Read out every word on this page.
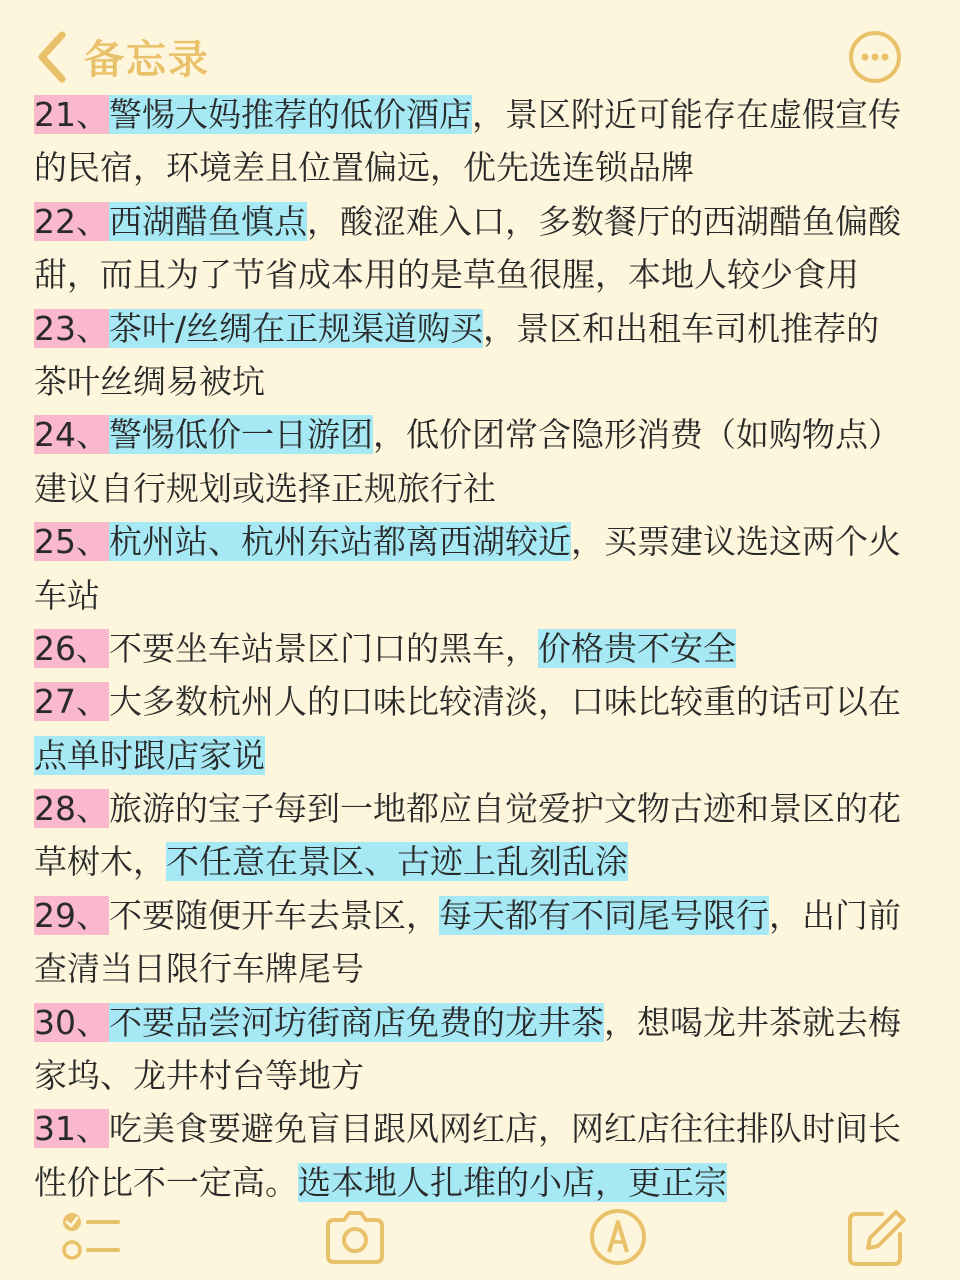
备忘录
21、警惕大妈推荐的低价酒店，景区附近可能存在虚假宣传
的民宿，环境差且位置偏远，优先选连锁品牌
22、西湖醋鱼慎点，酸涩难入口，多数餐厅的西湖醋鱼偏酸
甜，而且为了节省成本用的是草鱼很腥，本地人较少食用
23、茶叶/丝绸在正规渠道购买，景区和出租车司机推荐的
茶叶丝绸易被坑
24、警惕低价一日游团，低价团常含隐形消费（如购物点）
建议自行规划或选择正规旅行社
25、杭州站、杭州东站都离西湖较近，买票建议选这两个火
车站
26、不要坐车站景区门口的黑车，价格贵不安全
27、大多数杭州人的口味比较清淡，口味比较重的话可以在
点单时跟店家说
28、旅游的宝子每到一地都应自觉爱护文物古迹和景区的花
草树木，不任意在景区、古迹上乱刻乱涂
29、不要随便开车去景区，每天都有不同尾号限行，出门前
查清当日限行车牌尾号
30、不要品尝河坊街商店免费的龙井茶，想喝龙井茶就去梅
家坞、龙井村台等地方
31、吃美食要避免盲目跟风网红店，网红店往往排队时间长
性价比不一定高。选本地人扎堆的小店，更正宗
